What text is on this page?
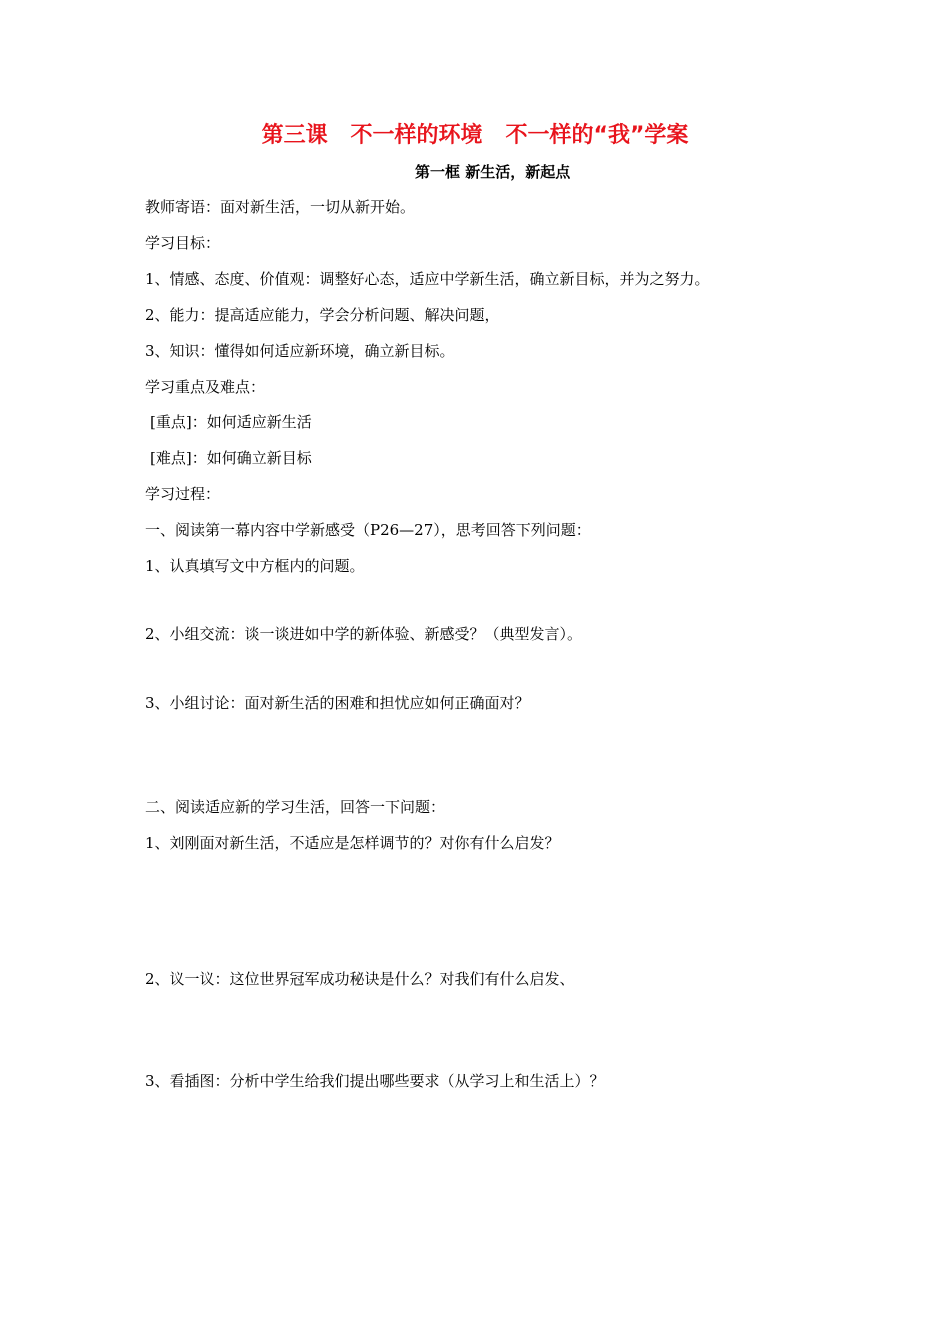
第三课   不一样的环境   不一样的“我”学案
第一框 新生活，新起点
教师寄语：面对新生活，一切从新开始。
学习目标：
1、情感、态度、价值观：调整好心态，适应中学新生活，确立新目标，并为之努力。
2、能力：提高适应能力，学会分析问题、解决问题，
3、知识：懂得如何适应新环境，确立新目标。
学习重点及难点：
[重点]：如何适应新生活
[难点]：如何确立新目标
学习过程：
一、阅读第一幕内容中学新感受（P26—27），思考回答下列问题：
1、认真填写文中方框内的问题。
2、小组交流：谈一谈进如中学的新体验、新感受？（典型发言）。
3、小组讨论：面对新生活的困难和担忧应如何正确面对？
二、阅读适应新的学习生活，回答一下问题：
1、刘刚面对新生活，不适应是怎样调节的？对你有什么启发？
2、议一议：这位世界冠军成功秘诀是什么？对我们有什么启发、
3、看插图：分析中学生给我们提出哪些要求（从学习上和生活上）？
